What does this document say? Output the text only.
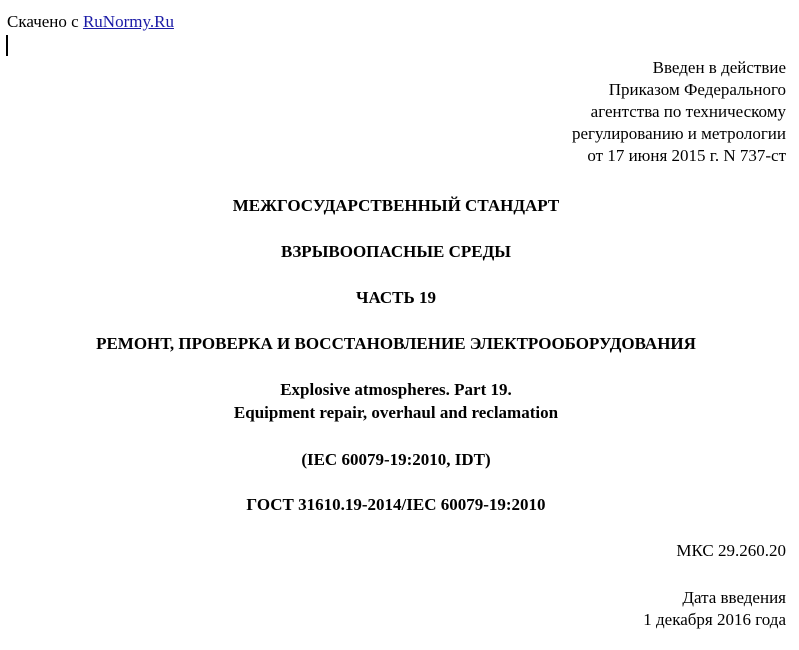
Скачено с RuNormy.Ru
Введен в действие
Приказом Федерального
агентства по техническому
регулированию и метрологии
от 17 июня 2015 г. N 737-ст
МЕЖГОСУДАРСТВЕННЫЙ СТАНДАРТ
ВЗРЫВООПАСНЫЕ СРЕДЫ
ЧАСТЬ 19
РЕМОНТ, ПРОВЕРКА И ВОССТАНОВЛЕНИЕ ЭЛЕКТРООБОРУДОВАНИЯ
Explosive atmospheres. Part 19.
Equipment repair, overhaul and reclamation
(IEC 60079-19:2010, IDT)
ГОСТ 31610.19-2014/IEC 60079-19:2010
МКС 29.260.20
Дата введения
1 декабря 2016 года
